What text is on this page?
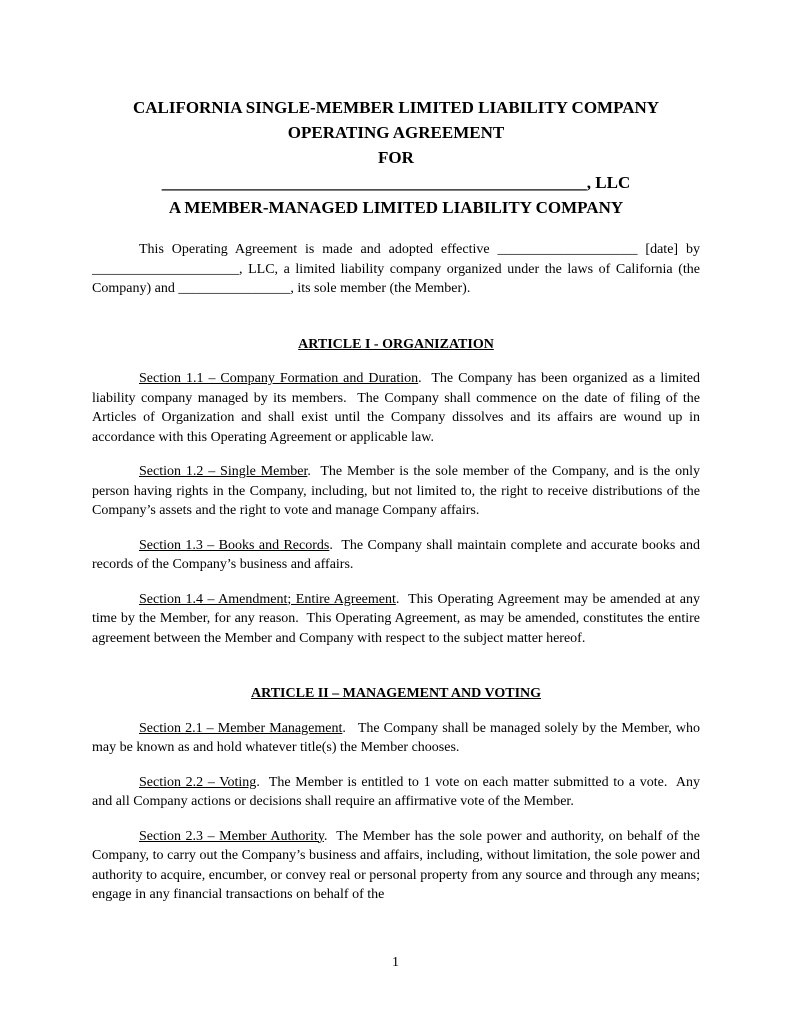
CALIFORNIA SINGLE-MEMBER LIMITED LIABILITY COMPANY
OPERATING AGREEMENT
FOR
__________________________________________________, LLC
A MEMBER-MANAGED LIMITED LIABILITY COMPANY

This Operating Agreement is made and adopted effective ____________________ [date] by _____________________, LLC, a limited liability company organized under the laws of California (the Company) and ________________, its sole member (the Member).

ARTICLE I - ORGANIZATION

Section 1.1 – Company Formation and Duration.  The Company has been organized as a limited liability company managed by its members.  The Company shall commence on the date of filing of the Articles of Organization and shall exist until the Company dissolves and its affairs are wound up in accordance with this Operating Agreement or applicable law.

Section 1.2 – Single Member.  The Member is the sole member of the Company, and is the only person having rights in the Company, including, but not limited to, the right to receive distributions of the Company’s assets and the right to vote and manage Company affairs.

Section 1.3 – Books and Records.  The Company shall maintain complete and accurate books and records of the Company’s business and affairs.

Section 1.4 – Amendment; Entire Agreement.  This Operating Agreement may be amended at any time by the Member, for any reason.  This Operating Agreement, as may be amended, constitutes the entire agreement between the Member and Company with respect to the subject matter hereof.

ARTICLE II – MANAGEMENT AND VOTING

Section 2.1 – Member Management.   The Company shall be managed solely by the Member, who may be known as and hold whatever title(s) the Member chooses.

Section 2.2 – Voting.  The Member is entitled to 1 vote on each matter submitted to a vote.  Any and all Company actions or decisions shall require an affirmative vote of the Member.

Section 2.3 – Member Authority.  The Member has the sole power and authority, on behalf of the Company, to carry out the Company’s business and affairs, including, without limitation, the sole power and authority to acquire, encumber, or convey real or personal property from any source and through any means; engage in any financial transactions on behalf of the

1
